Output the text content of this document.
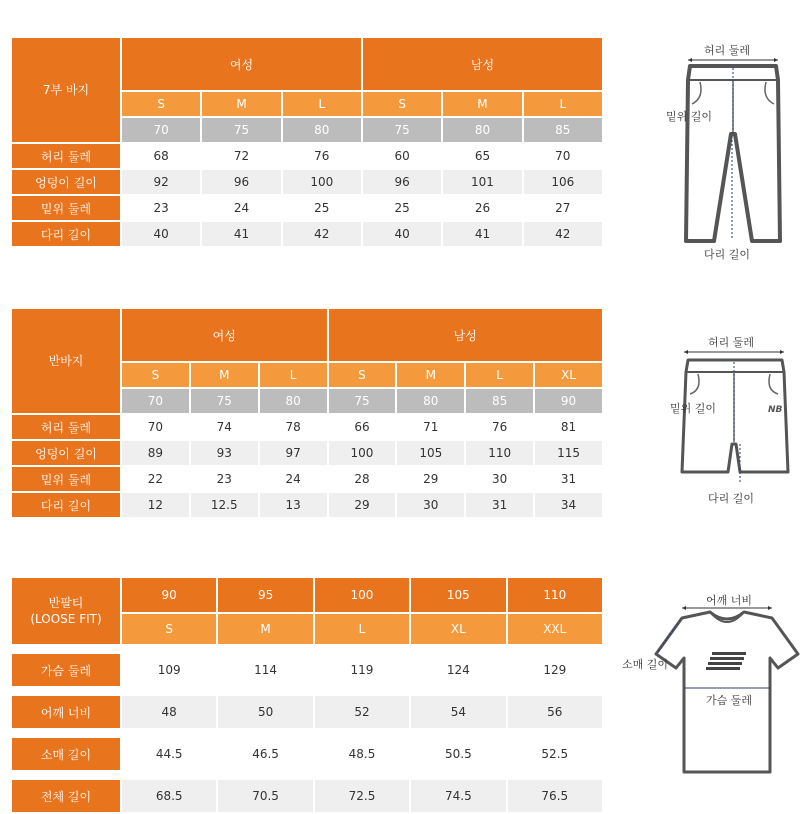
7부 바지	여성			남성		
	S	M	L	S	M	L
	70	75	80	75	80	85
허리 둘레	68	72	76	60	65	70
엉덩이 길이	92	96	100	96	101	106
밑위 둘레	23	24	25	25	26	27
다리 길이	40	41	42	40	41	42
반바지	여성			남성			
	S	M	L	S	M	L	XL
	70	75	80	75	80	85	90
허리 둘레	70	74	78	66	71	76	81
엉덩이 길이	89	93	97	100	105	110	115
밑위 둘레	22	23	24	28	29	30	31
다리 길이	12	12.5	13	29	30	31	34
반팔티
(LOOSE FIT)	90	95	100	105	110
	S	M	L	XL	XXL

가슴 둘레	109	114	119	124	129

어깨 너비	48	50	52	54	56

소매 길이	44.5	46.5	48.5	50.5	52.5

전체 길이	68.5	70.5	72.5	74.5	76.5
허리 둘레
밑위 길이
다리 길이
NB
허리 둘레
밑위 길이
다리 길이
어깨 너비
소매 길이
가슴 둘레
